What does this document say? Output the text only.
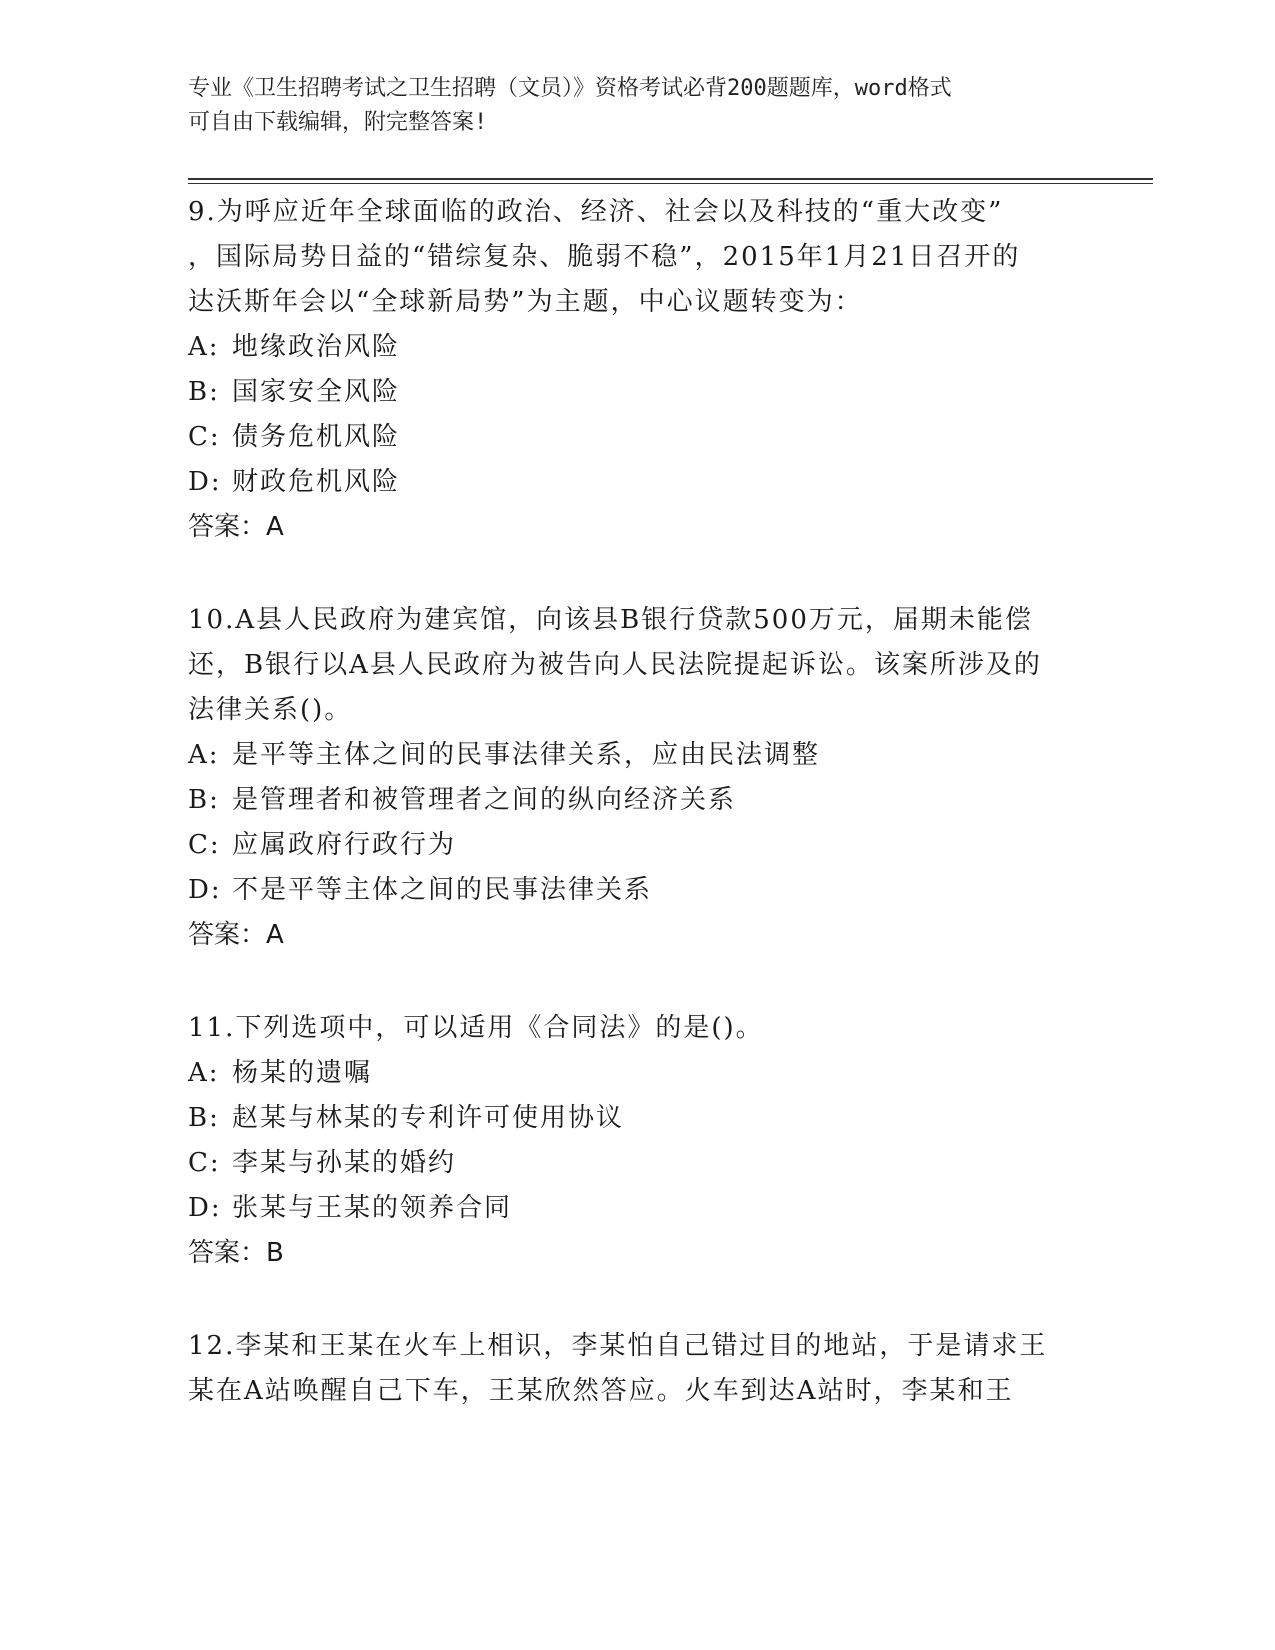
专业《卫生招聘考试之卫生招聘（文员）》资格考试必背200题题库，word格式
可自由下载编辑，附完整答案!

9.为呼应近年全球面临的政治、经济、社会以及科技的“重大改变”
，国际局势日益的“错综复杂、脆弱不稳”，2015年1月21日召开的
达沃斯年会以“全球新局势”为主题，中心议题转变为：

A: 地缘政治风险

B: 国家安全风险

C: 债务危机风险

D: 财政危机风险

答案：A

10.A县人民政府为建宾馆，向该县B银行贷款500万元，届期未能偿
还，B银行以A县人民政府为被告向人民法院提起诉讼。该案所涉及的
法律关系()。

A: 是平等主体之间的民事法律关系，应由民法调整

B: 是管理者和被管理者之间的纵向经济关系

C: 应属政府行政行为

D: 不是平等主体之间的民事法律关系

答案：A

11.下列选项中，可以适用《合同法》的是()。

A: 杨某的遗嘱

B: 赵某与林某的专利许可使用协议

C: 李某与孙某的婚约

D: 张某与王某的领养合同

答案：B

12.李某和王某在火车上相识，李某怕自己错过目的地站，于是请求王
某在A站唤醒自己下车，王某欣然答应。火车到达A站时，李某和王
